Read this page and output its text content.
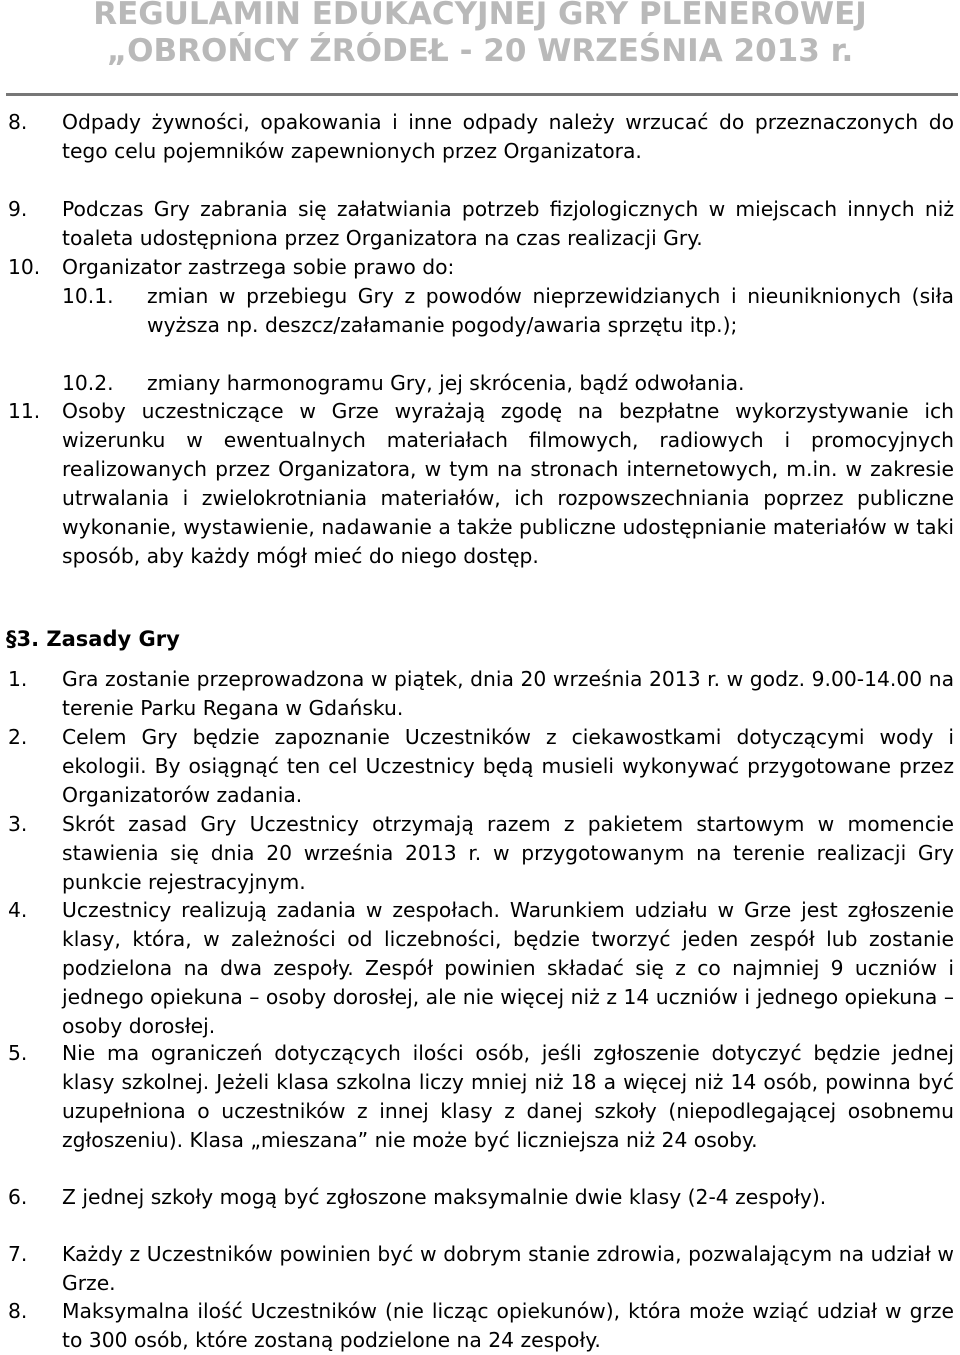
REGULAMIN EDUKACYJNEJ GRY PLENEROWEJ
„OBROŃCY ŹRÓDEŁ - 20 WRZEŚNIA 2013 r.
8. Odpady żywności, opakowania i inne odpady należy wrzucać do przeznaczonych do tego celu pojemników zapewnionych przez Organizatora.
9. Podczas Gry zabrania się załatwiania potrzeb fizjologicznych w miejscach innych niż toaleta udostępniona przez Organizatora na czas realizacji Gry.
10. Organizator zastrzega sobie prawo do:
10.1. zmian w przebiegu Gry z powodów nieprzewidzianych i nieuniknionych (siła wyższa np. deszcz/załamanie pogody/awaria sprzętu itp.);
10.2. zmiany harmonogramu Gry, jej skrócenia, bądź odwołania.
11. Osoby uczestniczące w Grze wyrażają zgodę na bezpłatne wykorzystywanie ich wizerunku w ewentualnych materiałach filmowych, radiowych i promocyjnych realizowanych przez Organizatora, w tym na stronach internetowych, m.in. w zakresie utrwalania i zwielokrotniania materiałów, ich rozpowszechniania poprzez publiczne wykonanie, wystawienie, nadawanie a także publiczne udostępnianie materiałów w taki sposób, aby każdy mógł mieć do niego dostęp.
§3. Zasady Gry
1. Gra zostanie przeprowadzona w piątek, dnia 20 września 2013 r. w godz. 9.00-14.00 na terenie Parku Regana w Gdańsku.
2. Celem Gry będzie zapoznanie Uczestników z ciekawostkami dotyczącymi wody i ekologii. By osiągnąć ten cel Uczestnicy będą musieli wykonywać przygotowane przez Organizatorów zadania.
3. Skrót zasad Gry Uczestnicy otrzymają razem z pakietem startowym w momencie stawienia się dnia 20 września 2013 r. w przygotowanym na terenie realizacji Gry punkcie rejestracyjnym.
4. Uczestnicy realizują zadania w zespołach. Warunkiem udziału w Grze jest zgłoszenie klasy, która, w zależności od liczebności, będzie tworzyć jeden zespół lub zostanie podzielona na dwa zespoły. Zespół powinien składać się z co najmniej 9 uczniów i jednego opiekuna – osoby dorosłej, ale nie więcej niż z 14 uczniów i jednego opiekuna – osoby dorosłej.
5. Nie ma ograniczeń dotyczących ilości osób, jeśli zgłoszenie dotyczyć będzie jednej klasy szkolnej. Jeżeli klasa szkolna liczy mniej niż 18 a więcej niż 14 osób, powinna być uzupełniona o uczestników z innej klasy z danej szkoły (niepodlegającej osobnemu zgłoszeniu). Klasa „mieszana” nie może być liczniejsza niż 24 osoby.
6. Z jednej szkoły mogą być zgłoszone maksymalnie dwie klasy (2-4 zespoły).
7. Każdy z Uczestników powinien być w dobrym stanie zdrowia, pozwalającym na udział w Grze.
8. Maksymalna ilość Uczestników (nie licząc opiekunów), która może wziąć udział w grze to 300 osób, które zostaną podzielone na 24 zespoły.
